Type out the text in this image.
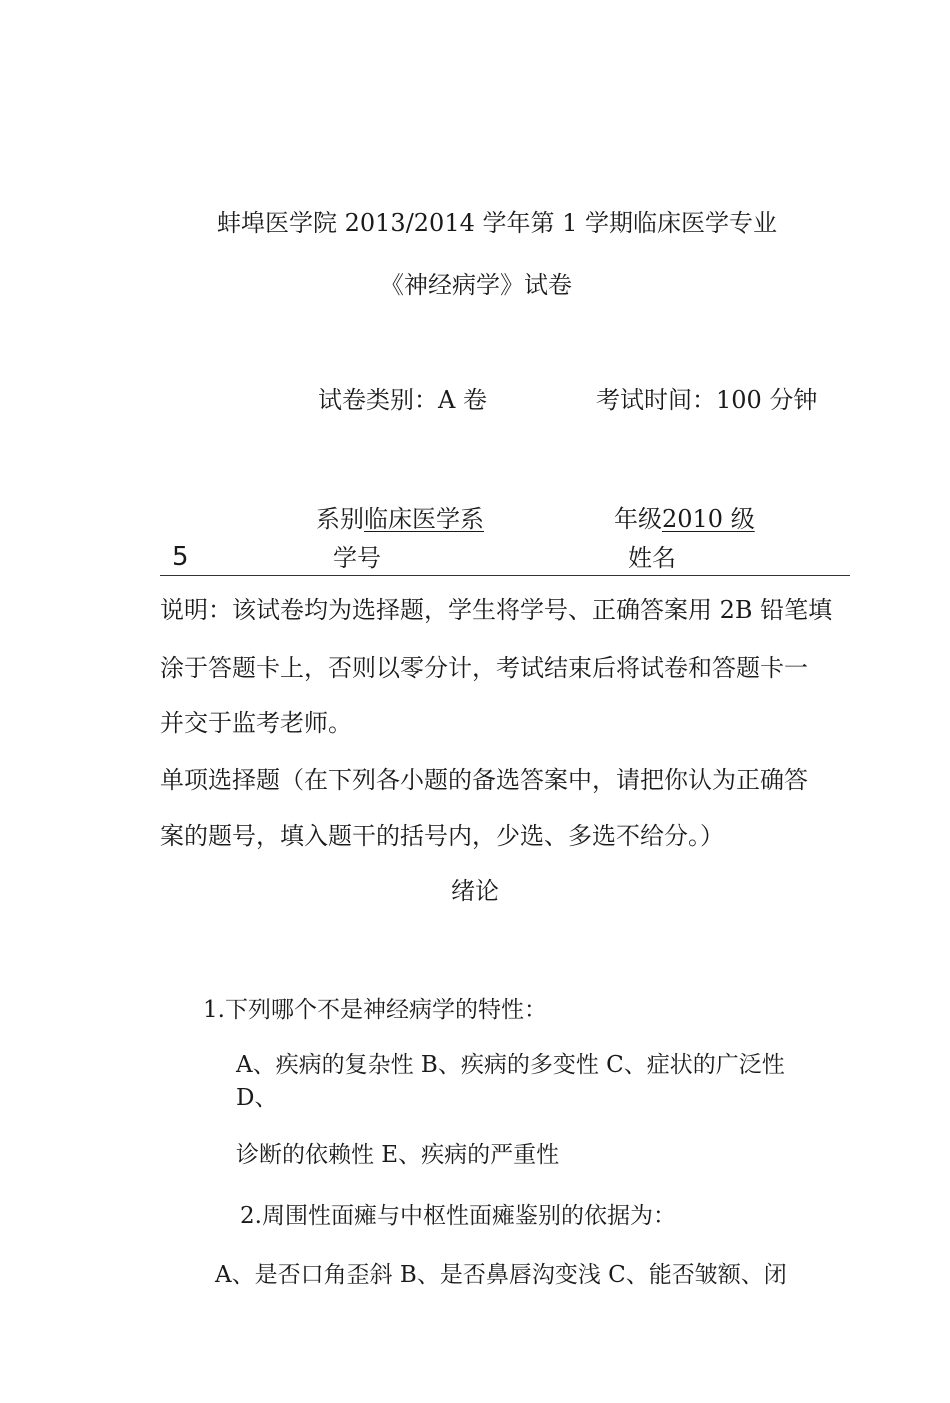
蚌埠医学院 2013/2014 学年第 1 学期临床医学专业
《神经病学》试卷
试卷类别：A 卷	考试时间：100 分钟
系别临床医学系	年级2010 级
5	学号	姓名
说明：该试卷均为选择题，学生将学号、正确答案用 2B 铅笔填
涂于答题卡上，否则以零分计，考试结束后将试卷和答题卡一
并交于监考老师。
单项选择题（在下列各小题的备选答案中，请把你认为正确答
案的题号，填入题干的括号内，少选、多选不给分。）
绪论
1.下列哪个不是神经病学的特性：
A、疾病的复杂性 B、疾病的多变性 C、症状的广泛性
D、
诊断的依赖性 E、疾病的严重性
2.周围性面瘫与中枢性面瘫鉴别的依据为：
A、是否口角歪斜 B、是否鼻唇沟变浅 C、能否皱额、闭
